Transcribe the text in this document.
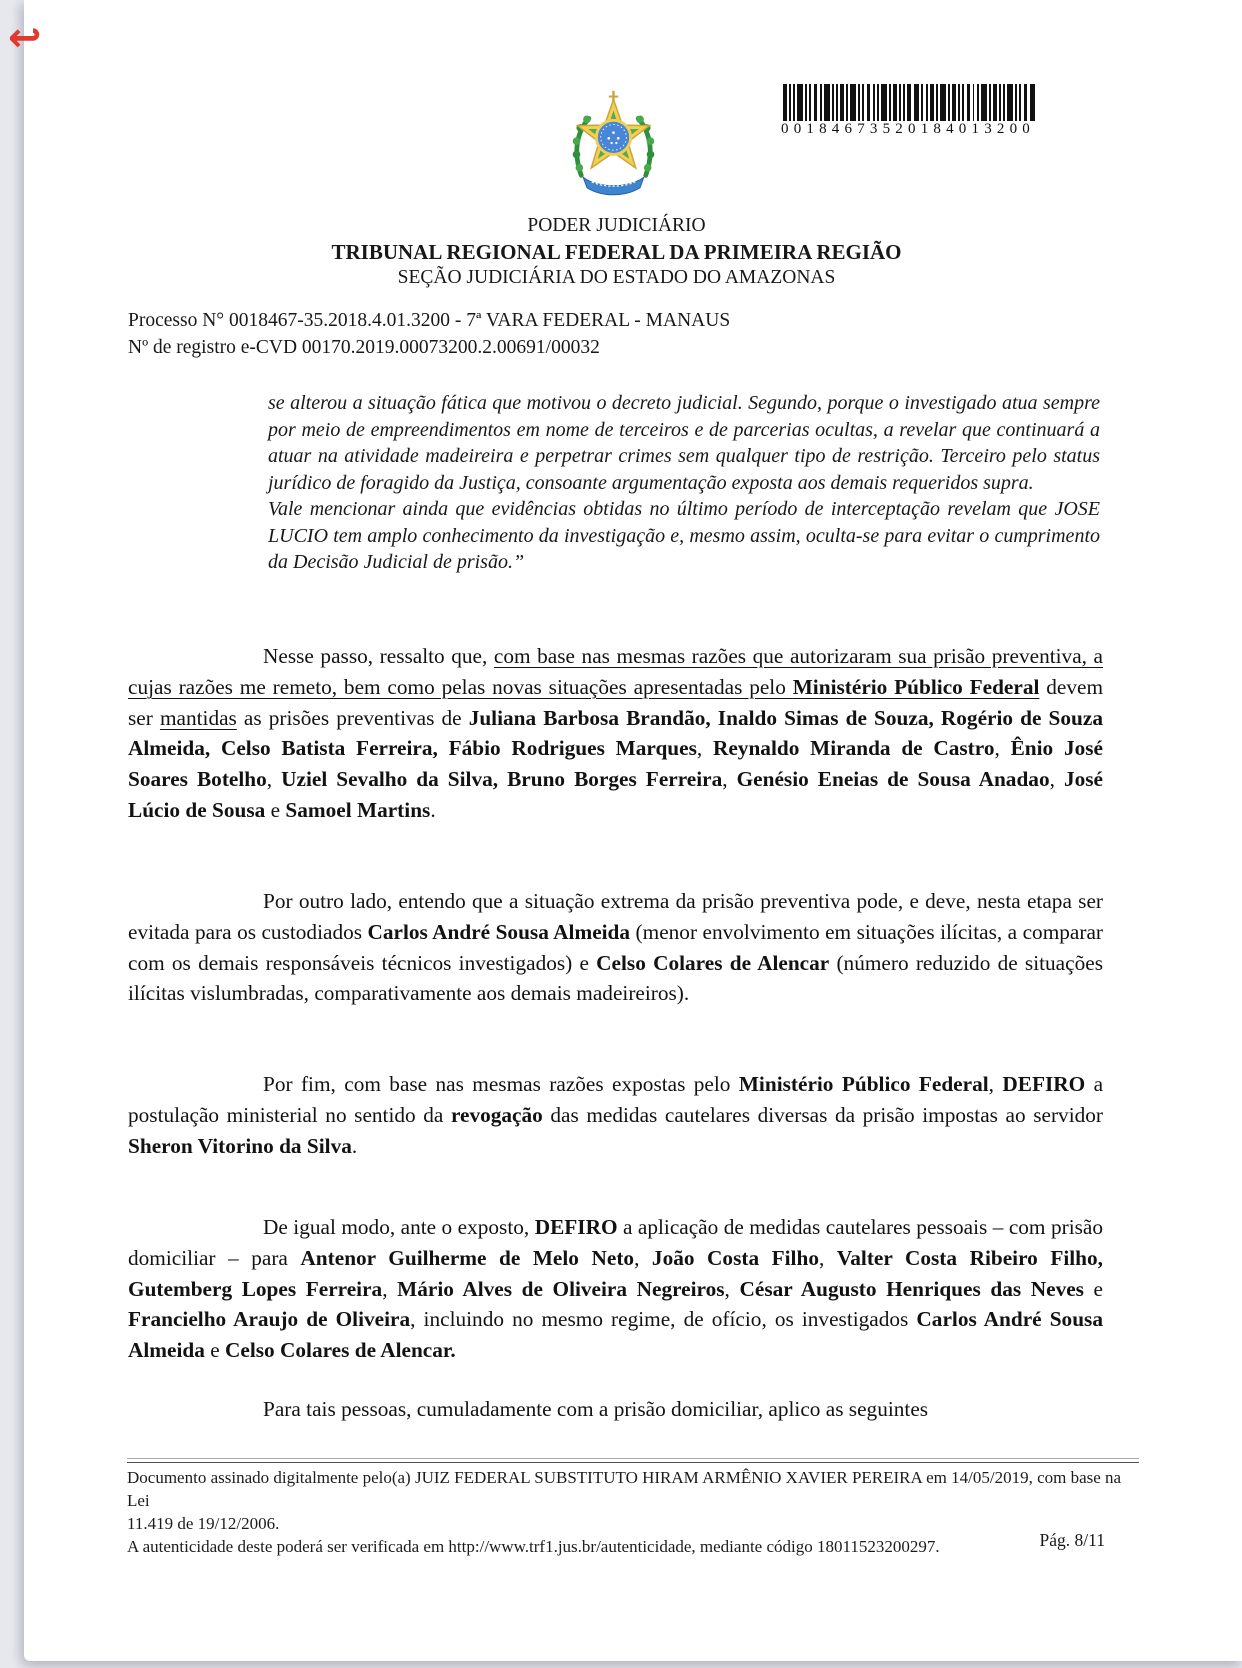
00184673520184013200
PODER JUDICIÁRIO
TRIBUNAL REGIONAL FEDERAL DA PRIMEIRA REGIÃO
SEÇÃO JUDICIÁRIA DO ESTADO DO AMAZONAS
Processo N° 0018467-35.2018.4.01.3200 - 7ª VARA FEDERAL - MANAUS
Nº de registro e-CVD 00170.2019.00073200.2.00691/00032

se alterou a situação fática que motivou o decreto judicial. Segundo, porque o investigado atua sempre por meio de empreendimentos em nome de terceiros e de parcerias ocultas, a revelar que continuará a atuar na atividade madeireira e perpetrar crimes sem qualquer tipo de restrição. Terceiro pelo status jurídico de foragido da Justiça, consoante argumentação exposta aos demais requeridos supra.

Vale mencionar ainda que evidências obtidas no último período de interceptação revelam que JOSE LUCIO tem amplo conhecimento da investigação e, mesmo assim, oculta-se para evitar o cumprimento da Decisão Judicial de prisão.”

Nesse passo, ressalto que, com base nas mesmas razões que autorizaram sua prisão preventiva, a cujas razões me remeto, bem como pelas novas situações apresentadas pelo Ministério Público Federal devem ser mantidas as prisões preventivas de Juliana Barbosa Brandão, Inaldo Simas de Souza, Rogério de Souza Almeida, Celso Batista Ferreira, Fábio Rodrigues Marques, Reynaldo Miranda de Castro, Ênio José Soares Botelho, Uziel Sevalho da Silva, Bruno Borges Ferreira, Genésio Eneias de Sousa Anadao, José Lúcio de Sousa e Samoel Martins.

Por outro lado, entendo que a situação extrema da prisão preventiva pode, e deve, nesta etapa ser evitada para os custodiados Carlos André Sousa Almeida (menor envolvimento em situações ilícitas, a comparar com os demais responsáveis técnicos investigados) e Celso Colares de Alencar (número reduzido de situações ilícitas vislumbradas, comparativamente aos demais madeireiros).

Por fim, com base nas mesmas razões expostas pelo Ministério Público Federal, DEFIRO a postulação ministerial no sentido da revogação das medidas cautelares diversas da prisão impostas ao servidor Sheron Vitorino da Silva.

De igual modo, ante o exposto, DEFIRO a aplicação de medidas cautelares pessoais – com prisão domiciliar – para Antenor Guilherme de Melo Neto, João Costa Filho, Valter Costa Ribeiro Filho, Gutemberg Lopes Ferreira, Mário Alves de Oliveira Negreiros, César Augusto Henriques das Neves e Francielho Araujo de Oliveira, incluindo no mesmo regime, de ofício, os investigados Carlos André Sousa Almeida e Celso Colares de Alencar.

Para tais pessoas, cumuladamente com a prisão domiciliar, aplico as seguintes

Documento assinado digitalmente pelo(a) JUIZ FEDERAL SUBSTITUTO HIRAM ARMÊNIO XAVIER PEREIRA em 14/05/2019, com base na Lei

11.419 de 19/12/2006.

A autenticidade deste poderá ser verificada em http://www.trf1.jus.br/autenticidade, mediante código 18011523200297.	Pág. 8/11
↩
